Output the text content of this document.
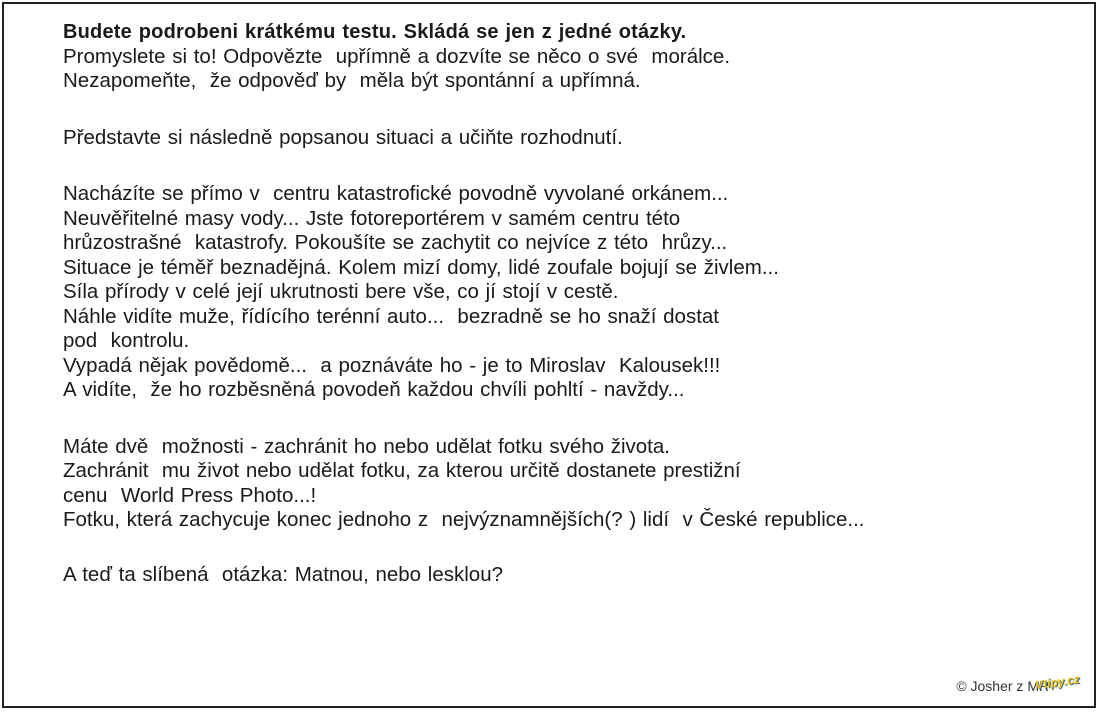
Budete podrobeni krátkému testu. Skládá se jen z jedné otázky.
Promyslete si to! Odpovězte  upřímně a dozvíte se něco o své  morálce.
Nezapomeňte,  že odpověď by  měla být spontánní a upřímná.
Představte si následně popsanou situaci a učiňte rozhodnutí.
Nacházíte se přímo v  centru katastrofické povodně vyvolané orkánem...
Neuvěřitelné masy vody... Jste fotoreportérem v samém centru této
hrůzostrašné  katastrofy. Pokoušíte se zachytit co nejvíce z této  hrůzy...
Situace je téměř beznadějná. Kolem mizí domy, lidé zoufale bojují se živlem...
Síla přírody v celé její ukrutnosti bere vše, co jí stojí v cestě.
Náhle vidíte muže, řídícího terénní auto...  bezradně se ho snaží dostat
pod  kontrolu.
Vypadá nějak povědomě...  a poznáváte ho - je to Miroslav  Kalousek!!!
A vidíte,  že ho rozběsněná povodeň každou chvíli pohltí - navždy...
Máte dvě  možnosti - zachránit ho nebo udělat fotku svého života.
Zachránit  mu život nebo udělat fotku, za kterou určitě dostanete prestižní
cenu  World Press Photo...!
Fotku, která zachycuje konec jednoho z  nejvýznamnějších(? ) lidí  v České republice...
A teď ta slíbená  otázka: Matnou, nebo lesklou?
© Josher z MR
Vtipy.cz
